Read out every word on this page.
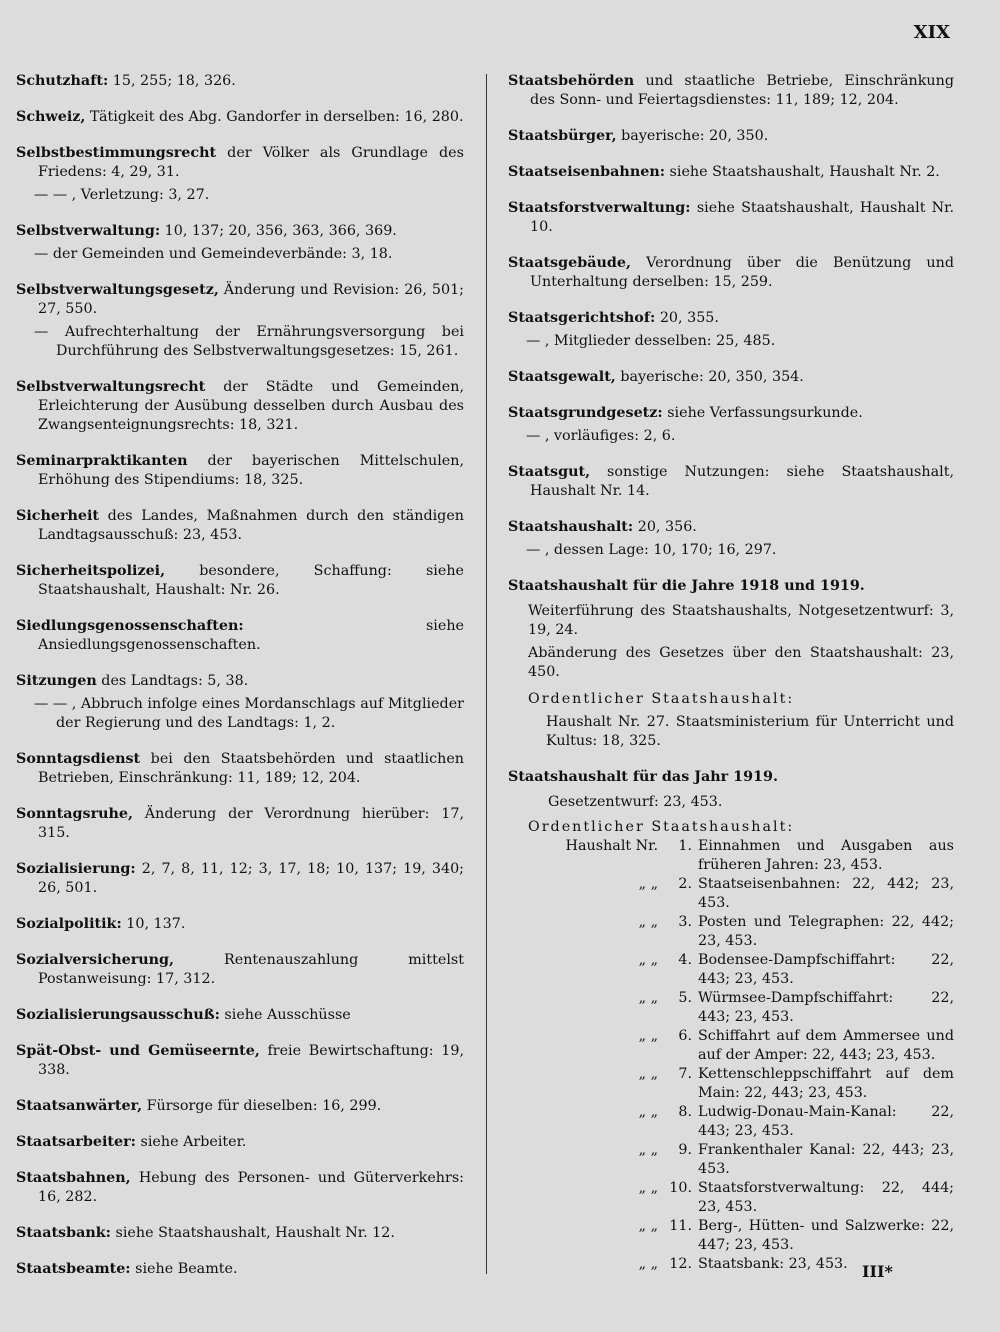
XIX
Schutzhaft: 15, 255; 18, 326.
Schweiz, Tätigkeit des Abg. Gandorfer in derselben: 16, 280.
Selbstbestimmungsrecht der Völker als Grundlage des Friedens: 4, 29, 31.
— — , Verletzung: 3, 27.
Selbstverwaltung: 10, 137; 20, 356, 363, 366, 369.
— der Gemeinden und Gemeindeverbände: 3, 18.
Selbstverwaltungsgesetz, Änderung und Revision: 26, 501; 27, 550.
— Aufrechterhaltung der Ernährungsversorgung bei Durchführung des Selbstverwaltungsgesetzes: 15, 261.
Selbstverwaltungsrecht der Städte und Gemeinden, Erleichterung der Ausübung desselben durch Ausbau des Zwangsenteignungsrechts: 18, 321.
Seminarpraktikanten der bayerischen Mittelschulen, Erhöhung des Stipendiums: 18, 325.
Sicherheit des Landes, Maßnahmen durch den ständigen Landtagsausschuß: 23, 453.
Sicherheitspolizei, besondere, Schaffung: siehe Staatshaushalt, Haushalt: Nr. 26.
Siedlungsgenossenschaften: siehe Ansiedlungsgenossenschaften.
Sitzungen des Landtags: 5, 38.
— — , Abbruch infolge eines Mordanschlags auf Mitglieder der Regierung und des Landtags: 1, 2.
Sonntagsdienst bei den Staatsbehörden und staatlichen Betrieben, Einschränkung: 11, 189; 12, 204.
Sonntagsruhe, Änderung der Verordnung hierüber: 17, 315.
Sozialisierung: 2, 7, 8, 11, 12; 3, 17, 18; 10, 137; 19, 340; 26, 501.
Sozialpolitik: 10, 137.
Sozialversicherung, Rentenauszahlung mittelst Postanweisung: 17, 312.
Sozialisierungsausschuß: siehe Ausschüsse
Spät-Obst- und Gemüseernte, freie Bewirtschaftung: 19, 338.
Staatsanwärter, Fürsorge für dieselben: 16, 299.
Staatsarbeiter: siehe Arbeiter.
Staatsbahnen, Hebung des Personen- und Güterverkehrs: 16, 282.
Staatsbank: siehe Staatshaushalt, Haushalt Nr. 12.
Staatsbeamte: siehe Beamte.
Staatsbehörden und staatliche Betriebe, Einschränkung des Sonn- und Feiertagsdienstes: 11, 189; 12, 204.
Staatsbürger, bayerische: 20, 350.
Staatseisenbahnen: siehe Staatshaushalt, Haushalt Nr. 2.
Staatsforstverwaltung: siehe Staatshaushalt, Haushalt Nr. 10.
Staatsgebäude, Verordnung über die Benützung und Unterhaltung derselben: 15, 259.
Staatsgerichtshof: 20, 355.
— , Mitglieder desselben: 25, 485.
Staatsgewalt, bayerische: 20, 350, 354.
Staatsgrundgesetz: siehe Verfassungsurkunde.
— , vorläufiges: 2, 6.
Staatsgut, sonstige Nutzungen: siehe Staatshaushalt, Haushalt Nr. 14.
Staatshaushalt: 20, 356.
— , dessen Lage: 10, 170; 16, 297.
Staatshaushalt für die Jahre 1918 und 1919.
Weiterführung des Staatshaushalts, Notgesetzentwurf: 3, 19, 24.
Abänderung des Gesetzes über den Staatshaushalt: 23, 450.
Ordentlicher Staatshaushalt:
Haushalt Nr. 27. Staatsministerium für Unterricht und Kultus: 18, 325.
Staatshaushalt für das Jahr 1919.
Gesetzentwurf: 23, 453.
Ordentlicher Staatshaushalt:
Haushalt Nr.	1. Einnahmen und Ausgaben aus früheren Jahren: 23, 453.
„ „	2. Staatseisenbahnen: 22, 442; 23, 453.
„ „	3. Posten und Telegraphen: 22, 442; 23, 453.
„ „	4. Bodensee-Dampfschiffahrt: 22, 443; 23, 453.
„ „	5. Würmsee-Dampfschiffahrt: 22, 443; 23, 453.
„ „	6. Schiffahrt auf dem Ammersee und auf der Amper: 22, 443; 23, 453.
„ „	7. Kettenschleppschiffahrt auf dem Main: 22, 443; 23, 453.
„ „	8. Ludwig-Donau-Main-Kanal: 22, 443; 23, 453.
„ „	9. Frankenthaler Kanal: 22, 443; 23, 453.
„ „ 10. Staatsforstverwaltung: 22, 444; 23, 453.
„ „ 11. Berg-, Hütten- und Salzwerke: 22, 447; 23, 453.
„ „ 12. Staatsbank: 23, 453. III*
